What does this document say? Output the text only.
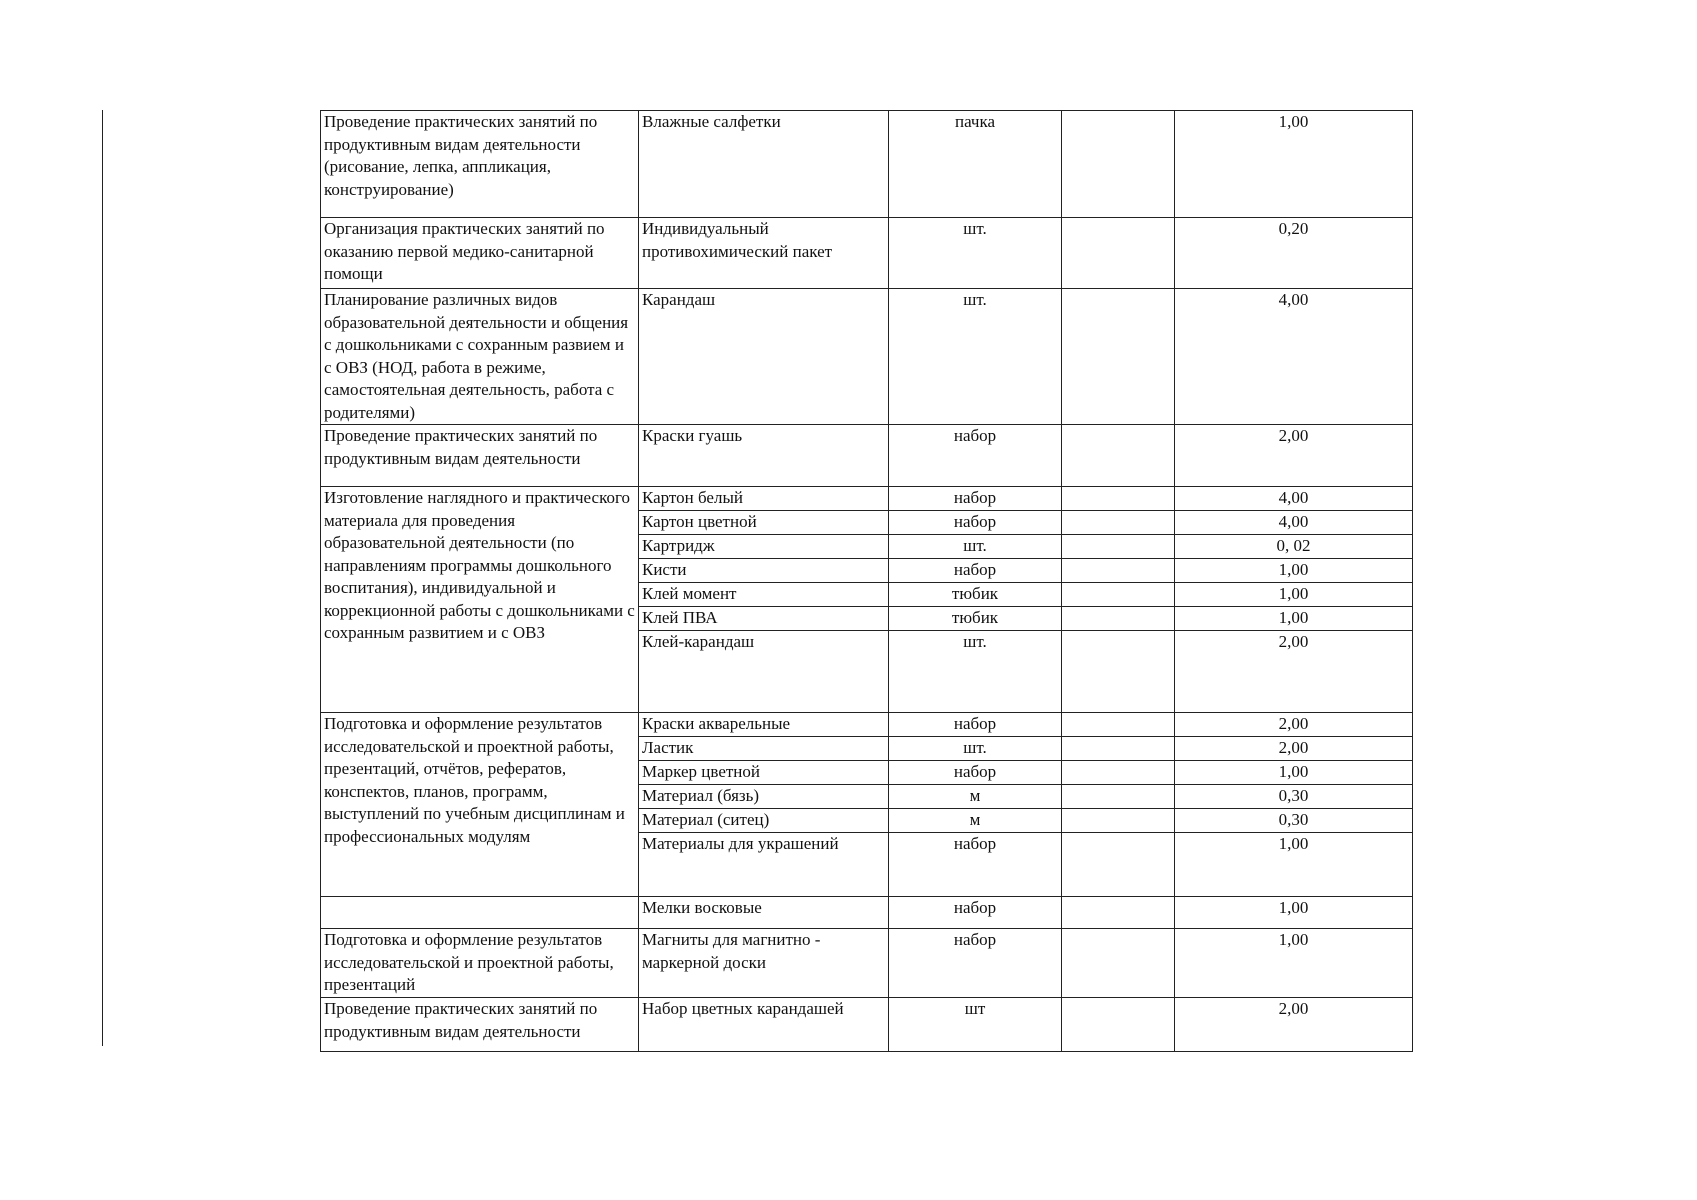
Проведение практических занятий по продуктивным видам деятельности (рисование, лепка, аппликация, конструирование)	Влажные салфетки	пачка		1,00
Организация практических занятий по оказанию первой медико-санитарной помощи	Индивидуальный противохимический пакет	шт.		0,20
Планирование различных видов образовательной деятельности и общения с дошкольниками с сохранным развием и с ОВЗ (НОД, работа в режиме, самостоятельная деятельность, работа с родителями)	Карандаш	шт.		4,00
Проведение практических занятий по продуктивным видам деятельности	Краски гуашь	набор		2,00
Изготовление наглядного и практического материала для проведения образовательной деятельности (по направлениям программы дошкольного воспитания), индивидуальной и коррекционной работы с дошкольниками с сохранным развитием и с ОВЗ	Картон белый	набор		4,00
	Картон цветной	набор		4,00
	Картридж	шт.		0, 02
	Кисти	набор		1,00
	Клей момент	тюбик		1,00
	Клей ПВА	тюбик		1,00
	Клей-карандаш	шт.		2,00
Подготовка и оформление результатов исследовательской и проектной работы, презентаций, отчётов, рефератов, конспектов, планов, программ, выступлений по учебным дисциплинам и профессиональных модулям	Краски акварельные	набор		2,00
	Ластик	шт.		2,00
	Маркер цветной	набор		1,00
	Материал (бязь)	м		0,30
	Материал (ситец)	м		0,30
	Материалы для украшений	набор		1,00
	Мелки восковые	набор		1,00
Подготовка и оформление результатов исследовательской и проектной работы, презентаций	Магниты для магнитно - маркерной доски	набор		1,00
Проведение практических занятий по продуктивным видам деятельности	Набор цветных карандашей	шт		2,00
